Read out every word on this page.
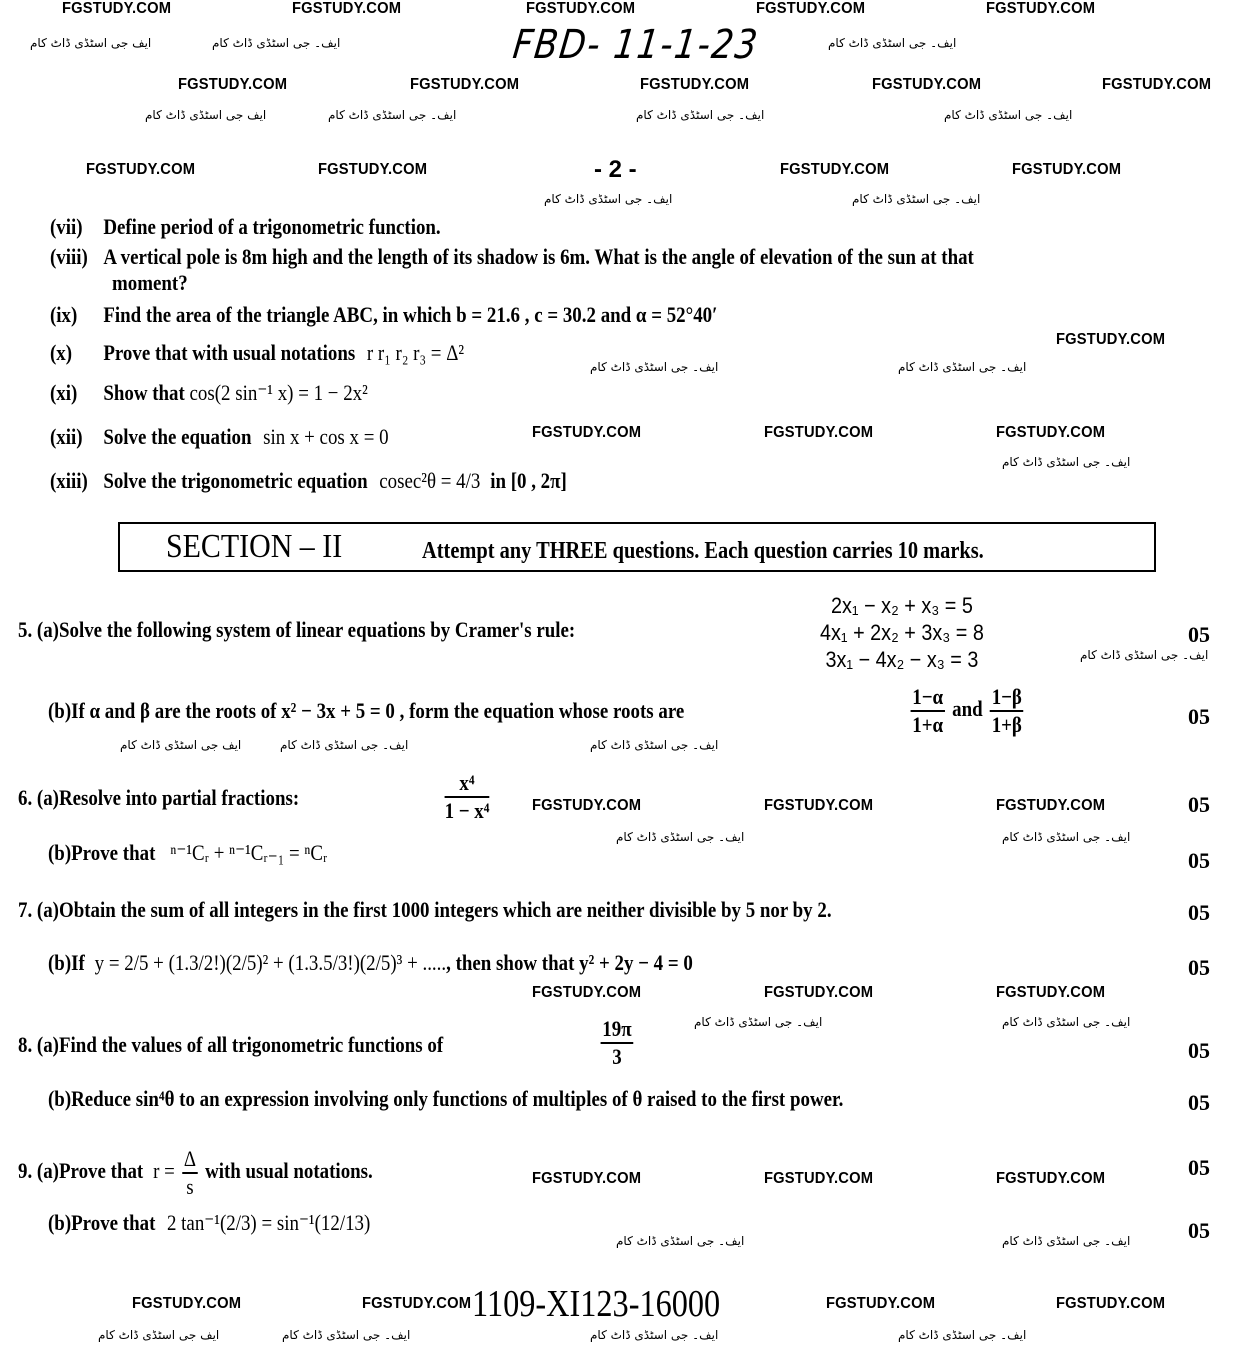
FGSTUDY.COM	FGSTUDY.COM	FGSTUDY.COM	FGSTUDY.COM	FGSTUDY.COM
ایف جی اسٹڈی ڈاٹ کام	ایف۔ جی اسٹڈی ڈاٹ کام	ایف۔ جی اسٹڈی ڈاٹ کام
FGSTUDY.COM	FGSTUDY.COM	FGSTUDY.COM	FGSTUDY.COM	FGSTUDY.COM
ایف جی اسٹڈی ڈاٹ کام	ایف۔ جی اسٹڈی ڈاٹ کام	ایف۔ جی اسٹڈی ڈاٹ کام	ایف۔ جی اسٹڈی ڈاٹ کام
FGSTUDY.COM	FGSTUDY.COM	FGSTUDY.COM	FGSTUDY.COM
ایف۔ جی اسٹڈی ڈاٹ کام	ایف۔ جی اسٹڈی ڈاٹ کام
FGSTUDY.COM
ایف۔ جی اسٹڈی ڈاٹ کام	ایف۔ جی اسٹڈی ڈاٹ کام
FGSTUDY.COM	FGSTUDY.COM	FGSTUDY.COM
ایف۔ جی اسٹڈی ڈاٹ کام
ایف جی اسٹڈی ڈاٹ کام	ایف۔ جی اسٹڈی ڈاٹ کام	ایف۔ جی اسٹڈی ڈاٹ کام
ایف۔ جی اسٹڈی ڈاٹ کام
FGSTUDY.COM	FGSTUDY.COM	FGSTUDY.COM
ایف۔ جی اسٹڈی ڈاٹ کام	ایف۔ جی اسٹڈی ڈاٹ کام
FGSTUDY.COM	FGSTUDY.COM	FGSTUDY.COM
ایف۔ جی اسٹڈی ڈاٹ کام	ایف۔ جی اسٹڈی ڈاٹ کام
FGSTUDY.COM	FGSTUDY.COM	FGSTUDY.COM
ایف۔ جی اسٹڈی ڈاٹ کام	ایف۔ جی اسٹڈی ڈاٹ کام
FGSTUDY.COM	FGSTUDY.COM	FGSTUDY.COM	FGSTUDY.COM
ایف جی اسٹڈی ڈاٹ کام	ایف۔ جی اسٹڈی ڈاٹ کام	ایف۔ جی اسٹڈی ڈاٹ کام	ایف۔ جی اسٹڈی ڈاٹ کام
FBD- 11-1-23
- 2 -
(vii) Define period of a trigonometric function.
(viii) A vertical pole is 8m high and the length of its shadow is 6m. What is the angle of elevation of the sun at that
moment?
(ix) Find the area of the triangle ABC, in which b = 21.6 , c = 30.2 and α = 52°40′
(x) Prove that with usual notations r r₁ r₂ r₃ = Δ²
(xi) Show that cos(2 sin⁻¹ x) = 1 − 2x²
(xii) Solve the equation sin x + cos x = 0
(xiii) Solve the trigonometric equation cosec²θ = 4/3 in [0 , 2π]
SECTION – II	Attempt any THREE questions. Each question carries 10 marks.
5. (a)Solve the following system of linear equations by Cramer's rule:
2x₁ − x₂ + x₃ = 5
4x₁ + 2x₂ + 3x₃ = 8
3x₁ − 4x₂ − x₃ = 3
05
(b)If α and β are the roots of x² − 3x + 5 = 0 , form the equation whose roots are	$\frac{1-\alpha}{1+\alpha}$ and $\frac{1-\beta}{1+\beta}$	05
6. (a)Resolve into partial fractions:	$\frac{\text{x⁴}}{\text{1 − x⁴}}$	05
(b)Prove that ⁿ⁻¹Cᵣ + ⁿ⁻¹Cᵣ₋₁ = ⁿCᵣ	05
7. (a)Obtain the sum of all integers in the first 1000 integers which are neither divisible by 5 nor by 2.	05
(b)If y = 2/5 + (1.3/2!)(2/5)² + (1.3.5/3!)(2/5)³ + ....., then show that y² + 2y − 4 = 0	05
8. (a)Find the values of all trigonometric functions of	$\frac{19\pi}{3}$	05
(b)Reduce sin⁴θ to an expression involving only functions of multiples of θ raised to the first power.	05
9. (a)Prove that $r = \frac{\Delta}{s}$ with usual notations.	05
(b)Prove that 2 tan⁻¹(2/3) = sin⁻¹(12/13)	05
1109-XI123-16000
